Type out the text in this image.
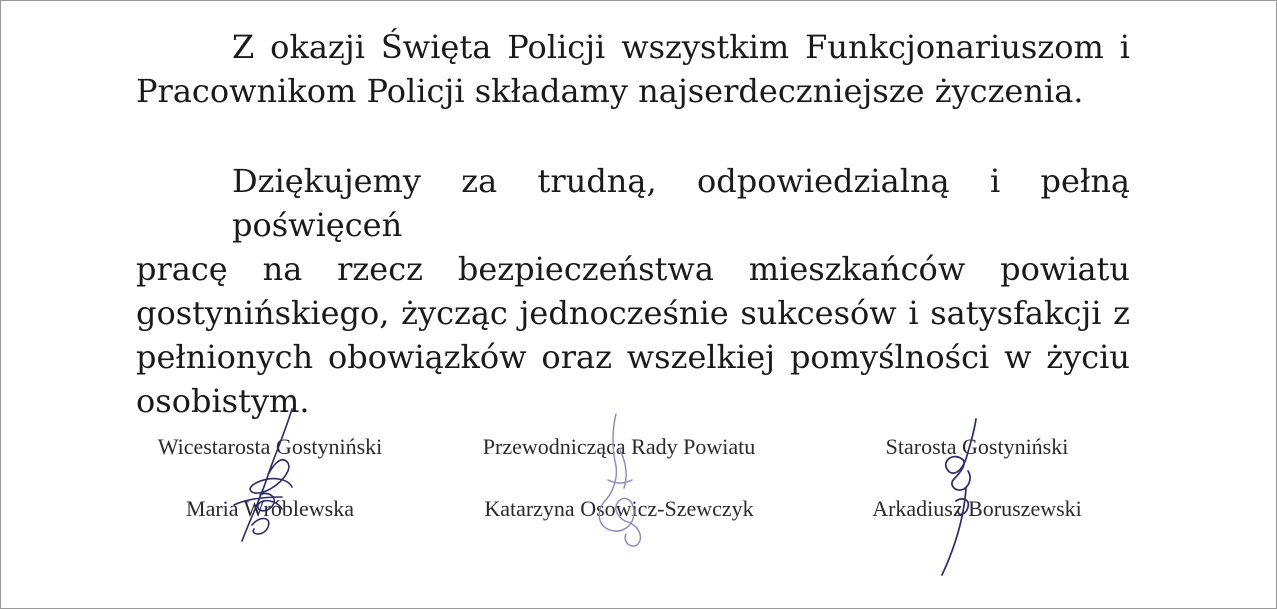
Z okazji Święta Policji wszystkim Funkcjonariuszom i
Pracownikom Policji składamy najserdeczniejsze życzenia.
Dziękujemy za trudną, odpowiedzialną i pełną poświęceń
pracę na rzecz bezpieczeństwa mieszkańców powiatu
gostynińskiego, życząc jednocześnie sukcesów i satysfakcji z
pełnionych obowiązków oraz wszelkiej pomyślności w życiu
osobistym.
Wicestarosta Gostyniński
Maria Wróblewska
Przewodnicząca Rady Powiatu
Katarzyna Osowicz-Szewczyk
Starosta Gostyniński
Arkadiusz Boruszewski
